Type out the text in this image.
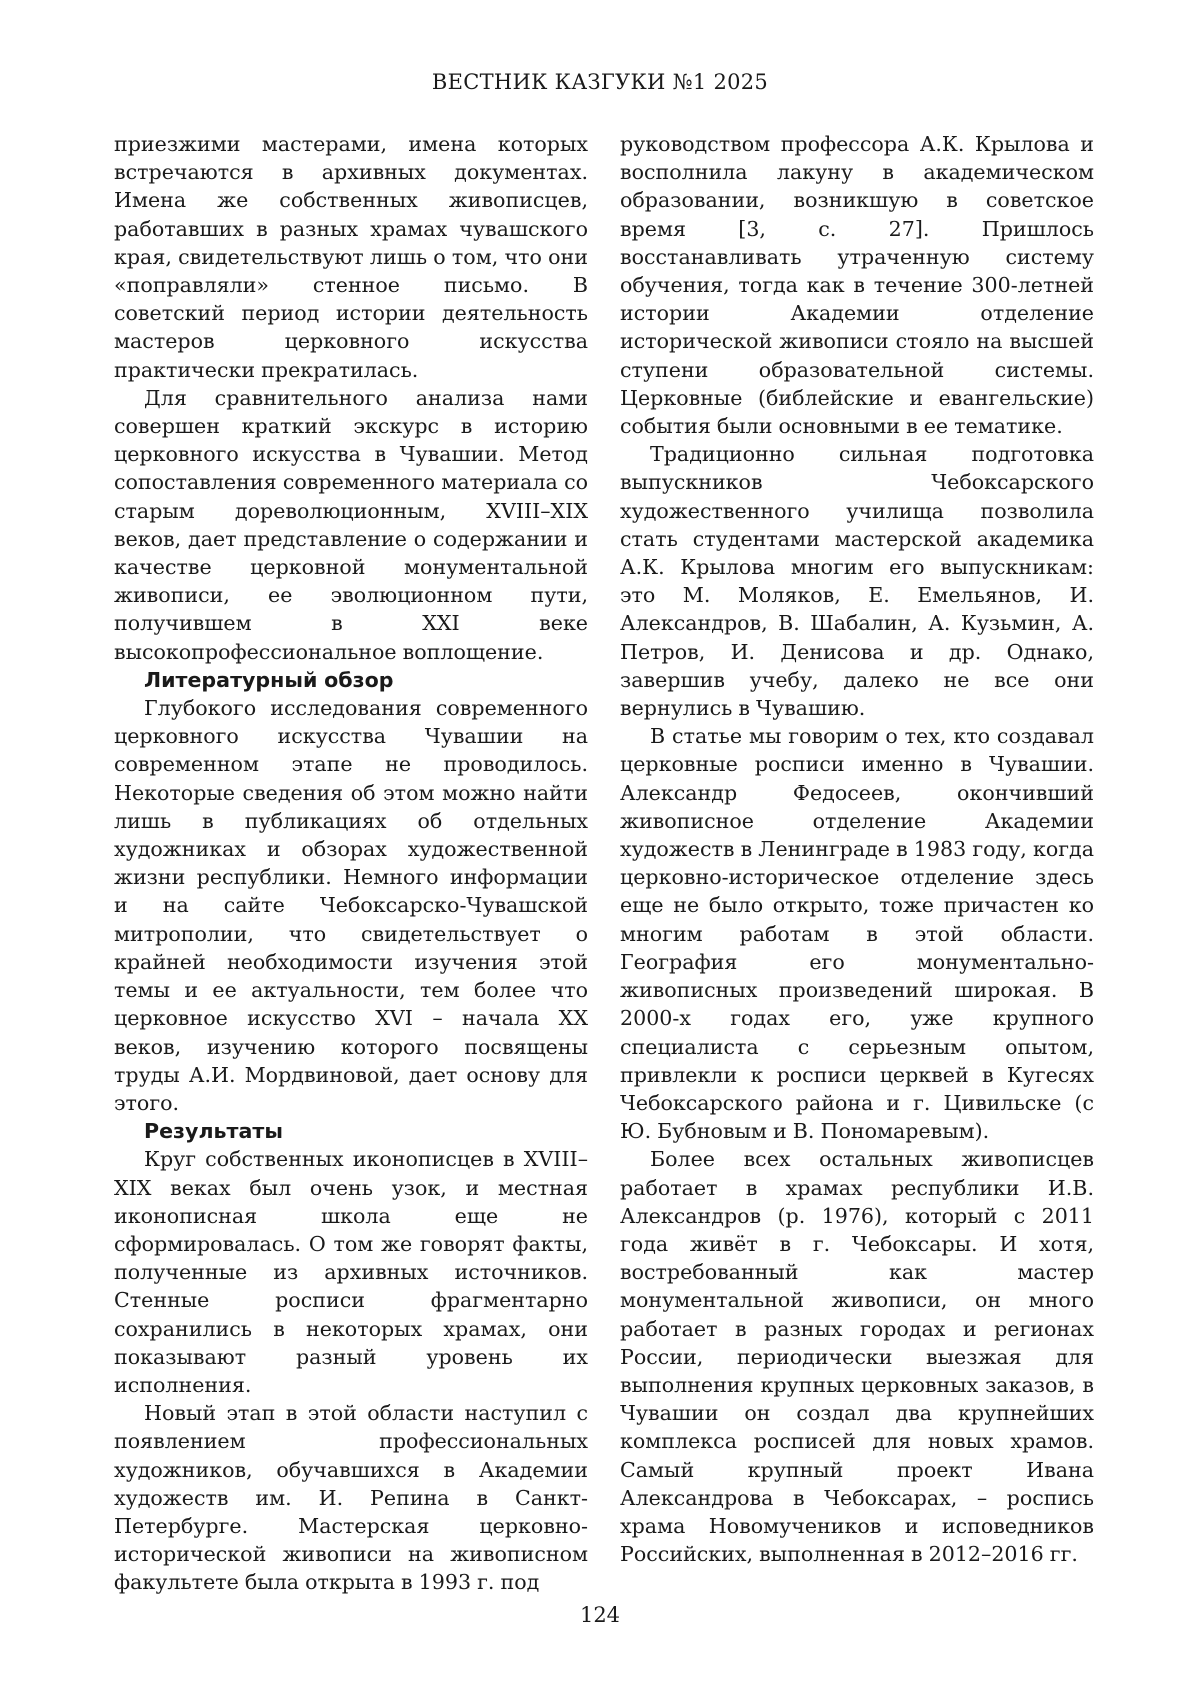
ВЕСТНИК КАЗГУКИ №1 2025

приезжими мастерами, имена которых встречаются в архивных документах. Имена же собственных живописцев, работавших в разных храмах чувашского края, свидетельствуют лишь о том, что они «поправляли» стенное письмо. В советский период истории деятельность мастеров церковного искусства практически прекратилась.

Для сравнительного анализа нами совершен краткий экскурс в историю церковного искусства в Чувашии. Метод сопоставления современного материала со старым дореволюционным, XVIII–XIX веков, дает представление о содержании и качестве церковной монументальной живописи, ее эволюционном пути, получившем в XXI веке высокопрофессиональное воплощение.

Литературный обзор

Глубокого исследования современного церковного искусства Чувашии на современном этапе не проводилось. Некоторые сведения об этом можно найти лишь в публикациях об отдельных художниках и обзорах художественной жизни республики. Немного информации и на сайте Чебоксарско-Чувашской митрополии, что свидетельствует о крайней необходимости изучения этой темы и ее актуальности, тем более что церковное искусство XVI – начала XX веков, изучению которого посвящены труды А.И. Мордвиновой, дает основу для этого.

Результаты

Круг собственных иконописцев в XVIII–XIX веках был очень узок, и местная иконописная школа еще не сформировалась. О том же говорят факты, полученные из архивных источников. Стенные росписи фрагментарно сохранились в некоторых храмах, они показывают разный уровень их исполнения.

Новый этап в этой области наступил с появлением профессиональных художников, обучавшихся в Академии художеств им. И. Репина в Санкт-Петербурге. Мастерская церковно-исторической живописи на живописном факультете была открыта в 1993 г. под

руководством профессора А.К. Крылова и восполнила лакуну в академическом образовании, возникшую в советское время [3, с. 27]. Пришлось восстанавливать утраченную систему обучения, тогда как в течение 300-летней истории Академии отделение исторической живописи стояло на высшей ступени образовательной системы. Церковные (библейские и евангельские) события были основными в ее тематике.

Традиционно сильная подготовка выпускников Чебоксарского художественного училища позволила стать студентами мастерской академика А.К. Крылова многим его выпускникам: это М. Моляков, Е. Емельянов, И. Александров, В. Шабалин, А. Кузьмин, А. Петров, И. Денисова и др. Однако, завершив учебу, далеко не все они вернулись в Чувашию.

В статье мы говорим о тех, кто создавал церковные росписи именно в Чувашии. Александр Федосеев, окончивший живописное отделение Академии художеств в Ленинграде в 1983 году, когда церковно-историческое отделение здесь еще не было открыто, тоже причастен ко многим работам в этой области. География его монументально-живописных произведений широкая. В 2000-х годах его, уже крупного специалиста с серьезным опытом, привлекли к росписи церквей в Кугесях Чебоксарского района и г. Цивильске (с Ю. Бубновым и В. Пономаревым).

Более всех остальных живописцев работает в храмах республики И.В. Александров (р. 1976), который с 2011 года живёт в г. Чебоксары. И хотя, востребованный как мастер монументальной живописи, он много работает в разных городах и регионах России, периодически выезжая для выполнения крупных церковных заказов, в Чувашии он создал два крупнейших комплекса росписей для новых храмов. Самый крупный проект Ивана Александрова в Чебоксарах, – роспись храма Новомучеников и исповедников Российских, выполненная в 2012–2016 гг.

124
